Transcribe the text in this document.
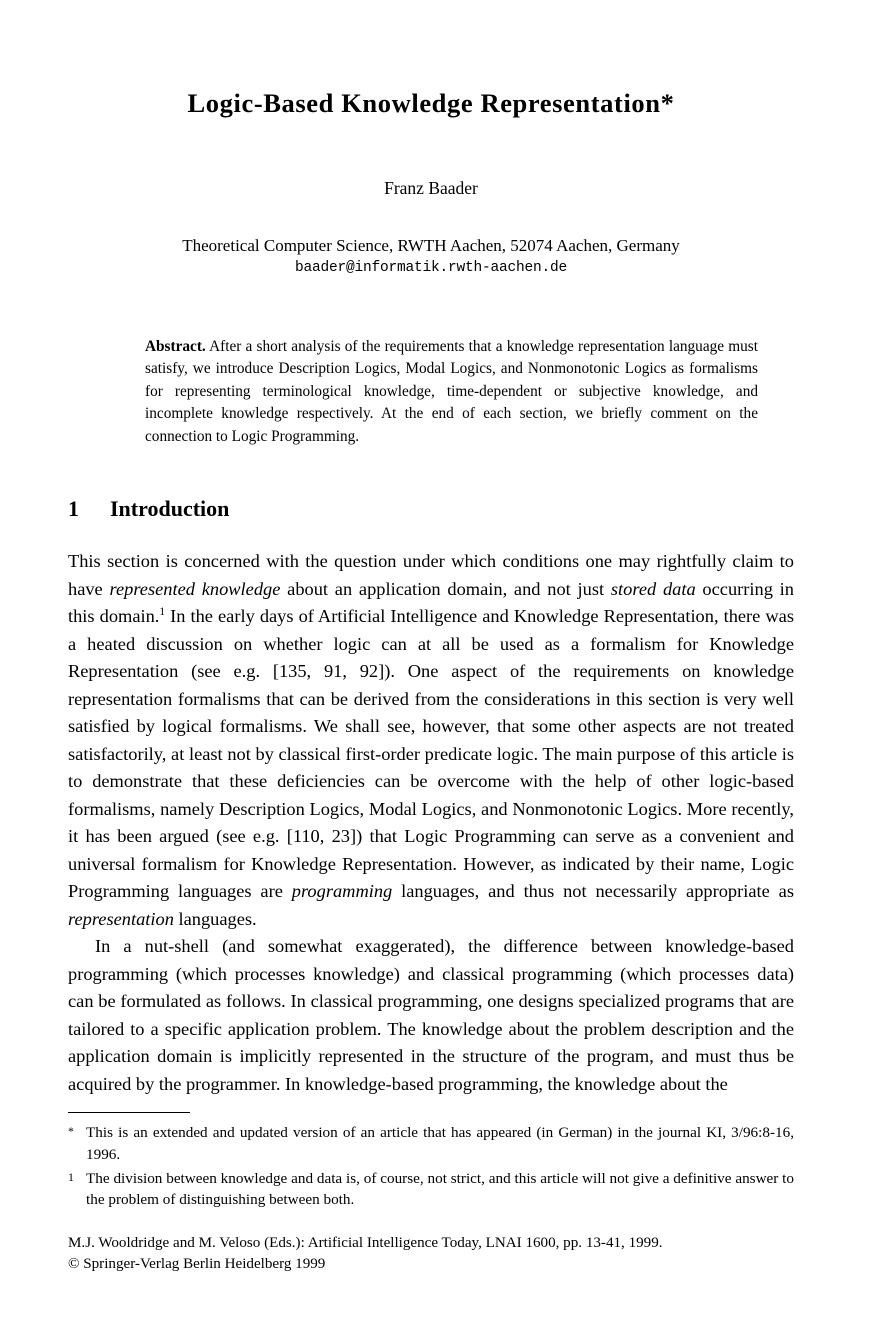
Logic-Based Knowledge Representation*
Franz Baader
Theoretical Computer Science, RWTH Aachen, 52074 Aachen, Germany
baader@informatik.rwth-aachen.de
Abstract. After a short analysis of the requirements that a knowledge representation language must satisfy, we introduce Description Logics, Modal Logics, and Nonmonotonic Logics as formalisms for representing terminological knowledge, time-dependent or subjective knowledge, and incomplete knowledge respectively. At the end of each section, we briefly comment on the connection to Logic Programming.
1	Introduction

This section is concerned with the question under which conditions one may rightfully claim to have represented knowledge about an application domain, and not just stored data occurring in this domain.$^1$ In the early days of Artificial Intelligence and Knowledge Representation, there was a heated discussion on whether logic can at all be used as a formalism for Knowledge Representation (see e.g. [135, 91, 92]). One aspect of the requirements on knowledge representation formalisms that can be derived from the considerations in this section is very well satisfied by logical formalisms. We shall see, however, that some other aspects are not treated satisfactorily, at least not by classical first-order predicate logic. The main purpose of this article is to demonstrate that these deficiencies can be overcome with the help of other logic-based formalisms, namely Description Logics, Modal Logics, and Nonmonotonic Logics. More recently, it has been argued (see e.g. [110, 23]) that Logic Programming can serve as a convenient and universal formalism for Knowledge Representation. However, as indicated by their name, Logic Programming languages are programming languages, and thus not necessarily appropriate as representation languages.

In a nut-shell (and somewhat exaggerated), the difference between knowledge-based programming (which processes knowledge) and classical programming (which processes data) can be formulated as follows. In classical programming, one designs specialized programs that are tailored to a specific application problem. The knowledge about the problem description and the application domain is implicitly represented in the structure of the program, and must thus be acquired by the programmer. In knowledge-based programming, the knowledge about the

* This is an extended and updated version of an article that has appeared (in German) in the journal KI, 3/96:8-16, 1996.
1 The division between knowledge and data is, of course, not strict, and this article will not give a definitive answer to the problem of distinguishing between both.
M.J. Wooldridge and M. Veloso (Eds.): Artificial Intelligence Today, LNAI 1600, pp. 13-41, 1999.
© Springer-Verlag Berlin Heidelberg 1999
